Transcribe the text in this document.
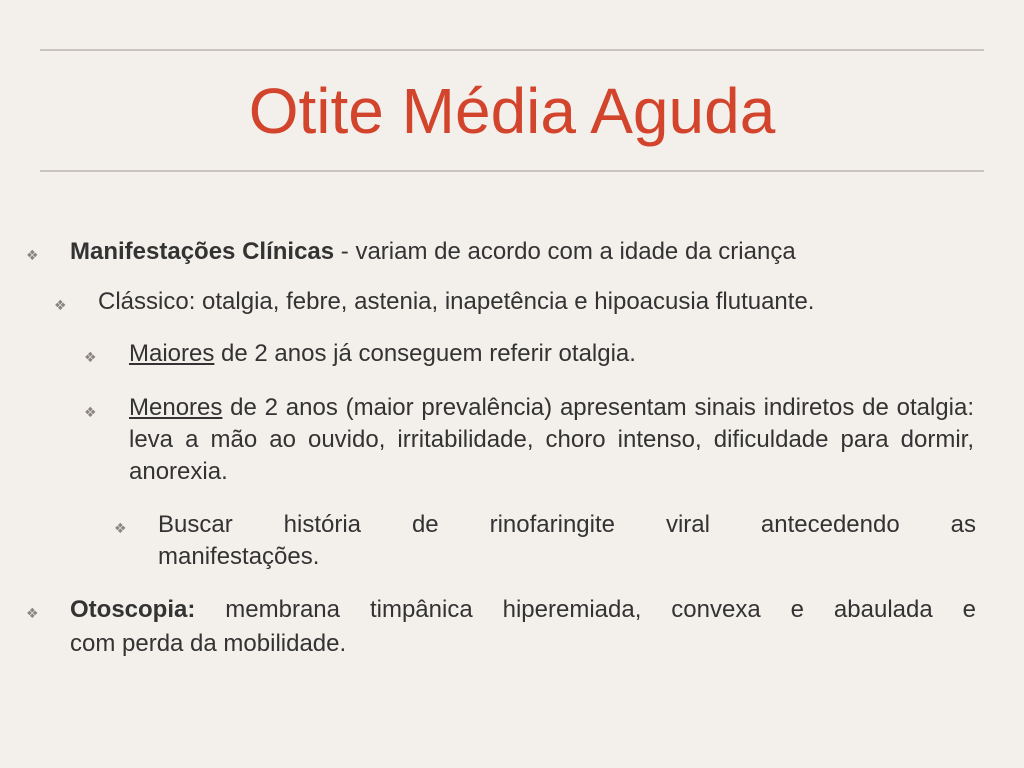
Otite Média Aguda
❖ Manifestações Clínicas - variam de acordo com a idade da criança
❖ Clássico: otalgia, febre, astenia, inapetência e hipoacusia flutuante.
❖ Maiores de 2 anos já conseguem referir otalgia.
❖ Menores de 2 anos (maior prevalência) apresentam sinais indiretos de otalgia: leva a mão ao ouvido, irritabilidade, choro intenso, dificuldade para dormir, anorexia.
❖ Buscar história de rinofaringite viral antecedendo as
manifestações.
❖ Otoscopia: membrana timpânica hiperemiada, convexa e abaulada e
com perda da mobilidade.
